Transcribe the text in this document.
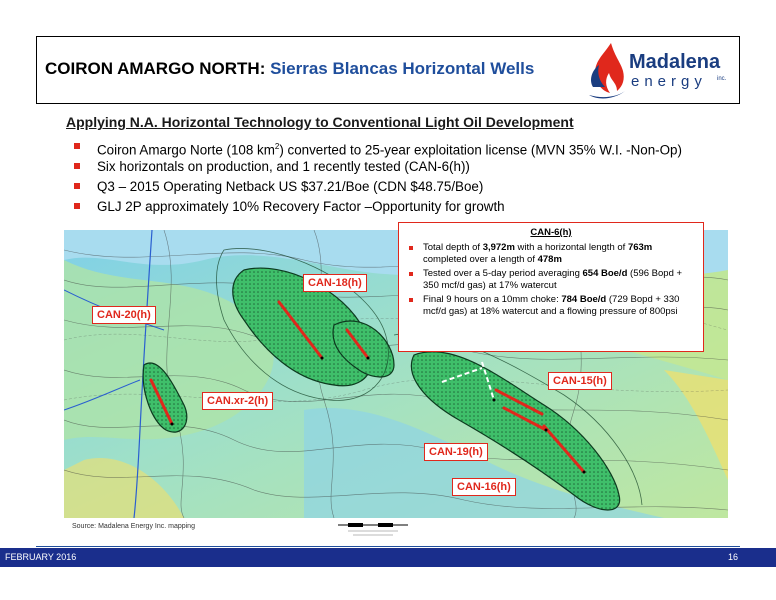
COIRON AMARGO NORTH: Sierras Blancas Horizontal Wells	Madalena
energy inc.
Applying N.A. Horizontal Technology to Conventional Light Oil Development
Coiron Amargo Norte (108 $km^2$) converted to 25-year exploitation license (MVN 35% W.I. -Non-Op)
Six horizontals on production, and 1 recently tested (CAN-6(h))
Q3 – 2015 Operating Netback US $37.21/Boe (CDN $48.75/Boe)
GLJ 2P approximately 10% Recovery Factor –Opportunity for growth
CAN-18(h)
CAN-20(h)
CAN.xr-2(h)
CAN-15(h)
CAN-19(h)
CAN-16(h)
CAN-6(h)
Total depth of 3,972m with a horizontal length of 763m completed over a length of 478m
Tested over a 5-day period averaging 654 Boe/d (596 Bopd + 350 mcf/d gas) at 17% watercut
Final 9 hours on a 10mm choke: 784 Boe/d (729 Bopd + 330 mcf/d gas) at 18% watercut and a flowing pressure of 800psi
Source: Madalena Energy Inc. mapping
FEBRUARY 2016	16
